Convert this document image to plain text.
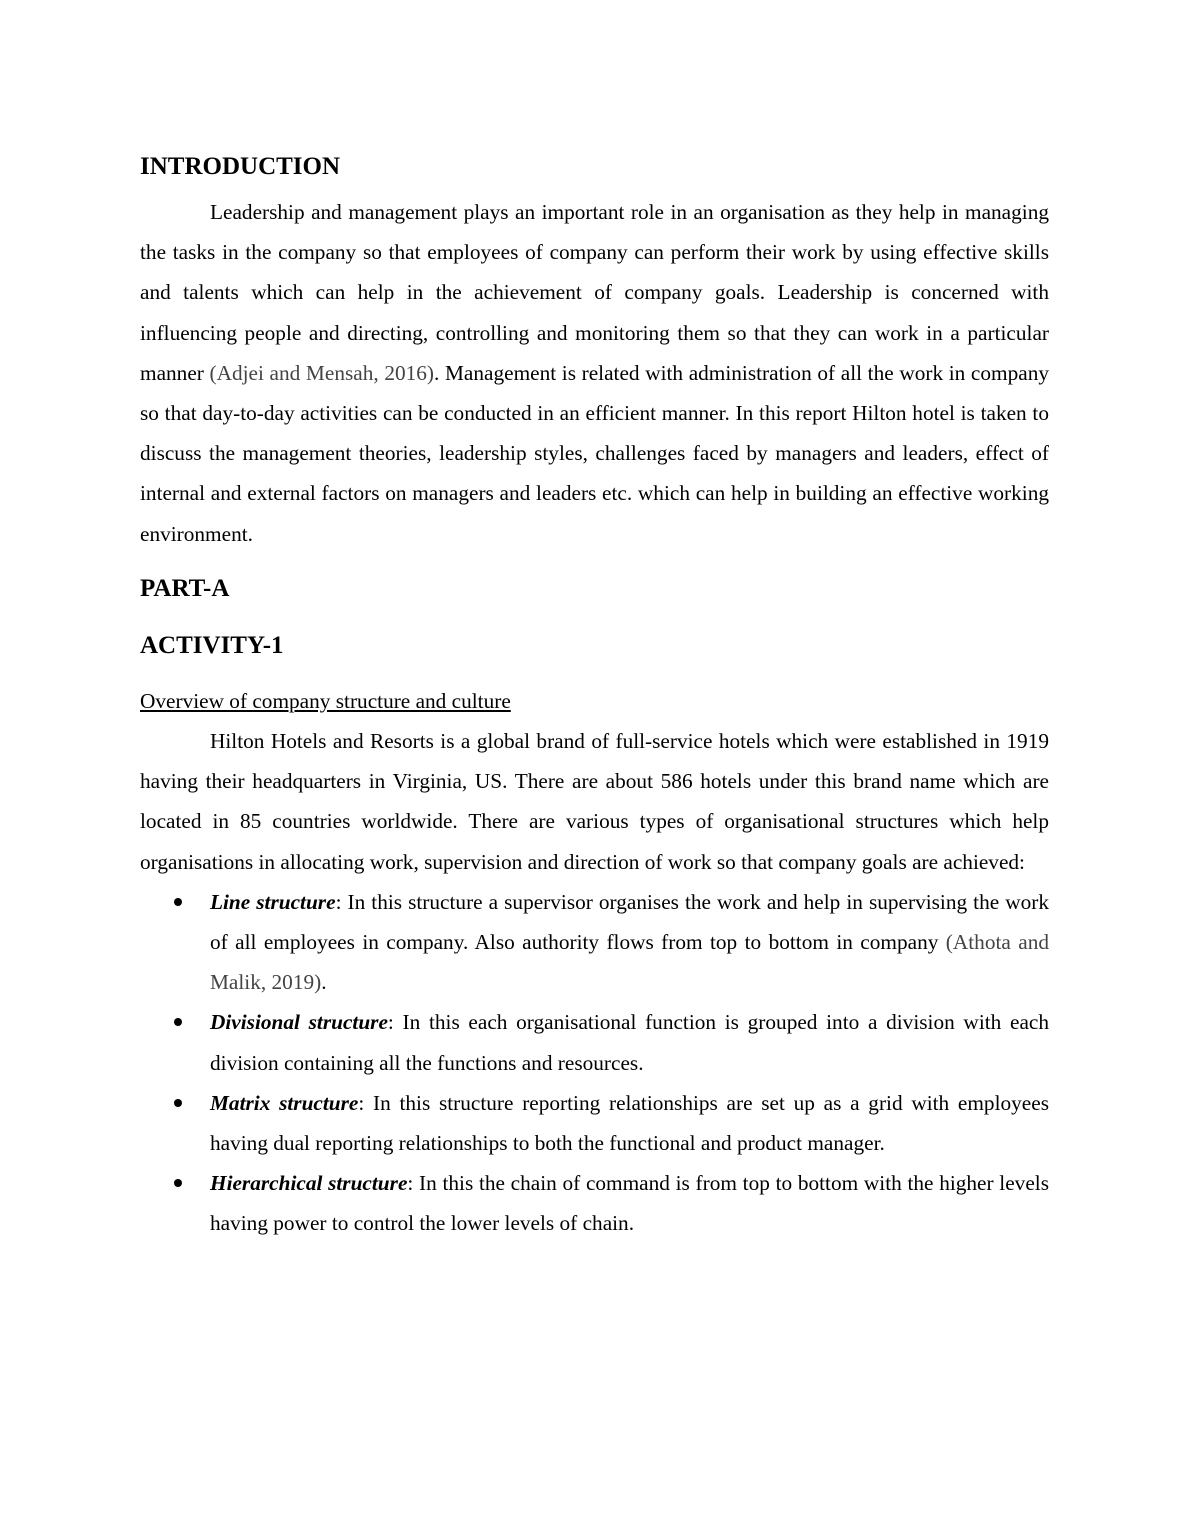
INTRODUCTION

Leadership and management plays an important role in an organisation as they help in managing the tasks in the company so that employees of company can perform their work by using effective skills and talents which can help in the achievement of company goals. Leadership is concerned with influencing people and directing, controlling and monitoring them so that they can work in a particular manner (Adjei and Mensah, 2016). Management is related with administration of all the work in company so that day-to-day activities can be conducted in an efficient manner. In this report Hilton hotel is taken to discuss the management theories, leadership styles, challenges faced by managers and leaders, effect of internal and external factors on managers and leaders etc. which can help in building an effective working environment.

PART-A
ACTIVITY-1

Overview of company structure and culture

Hilton Hotels and Resorts is a global brand of full-service hotels which were established in 1919 having their headquarters in Virginia, US. There are about 586 hotels under this brand name which are located in 85 countries worldwide. There are various types of organisational structures which help organisations in allocating work, supervision and direction of work so that company goals are achieved:

Line structure: In this structure a supervisor organises the work and help in supervising the work of all employees in company. Also authority flows from top to bottom in company (Athota and Malik, 2019).
Divisional structure: In this each organisational function is grouped into a division with each division containing all the functions and resources.
Matrix structure: In this structure reporting relationships are set up as a grid with employees having dual reporting relationships to both the functional and product manager.
Hierarchical structure: In this the chain of command is from top to bottom with the higher levels having power to control the lower levels of chain.
